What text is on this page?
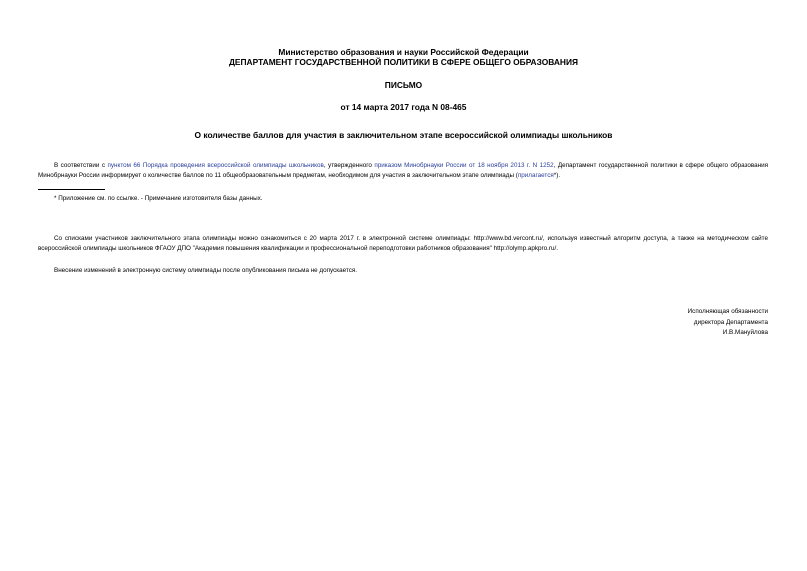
Министерство образования и науки Российской Федерации
ДЕПАРТАМЕНТ ГОСУДАРСТВЕННОЙ ПОЛИТИКИ В СФЕРЕ ОБЩЕГО ОБРАЗОВАНИЯ
ПИСЬМО
от 14 марта 2017 года N 08-465
О количестве баллов для участия в заключительном этапе всероссийской олимпиады школьников
В соответствии с пунктом 66 Порядка проведения всероссийской олимпиады школьников, утвержденного приказом Минобрнауки России от 18 ноября 2013 г. N 1252, Департамент государственной политики в сфере общего образования Минобрнауки России информирует о количестве баллов по 11 общеобразовательным предметам, необходимом для участия в заключительном этапе олимпиады (прилагается*).
* Приложение см. по ссылке. - Примечание изготовителя базы данных.
Со списками участников заключительного этапа олимпиады можно ознакомиться с 20 марта 2017 г. в электронной системе олимпиады: http://www.bd.vercont.ru/, используя известный алгоритм доступа, а также на методическом сайте всероссийской олимпиады школьников ФГАОУ ДПО "Академия повышения квалификации и профессиональной переподготовки работников образования" http://olymp.apkpro.ru/.
Внесение изменений в электронную систему олимпиады после опубликования письма не допускается.
Исполняющая обязанности
директора Департамента
И.В.Мануйлова
